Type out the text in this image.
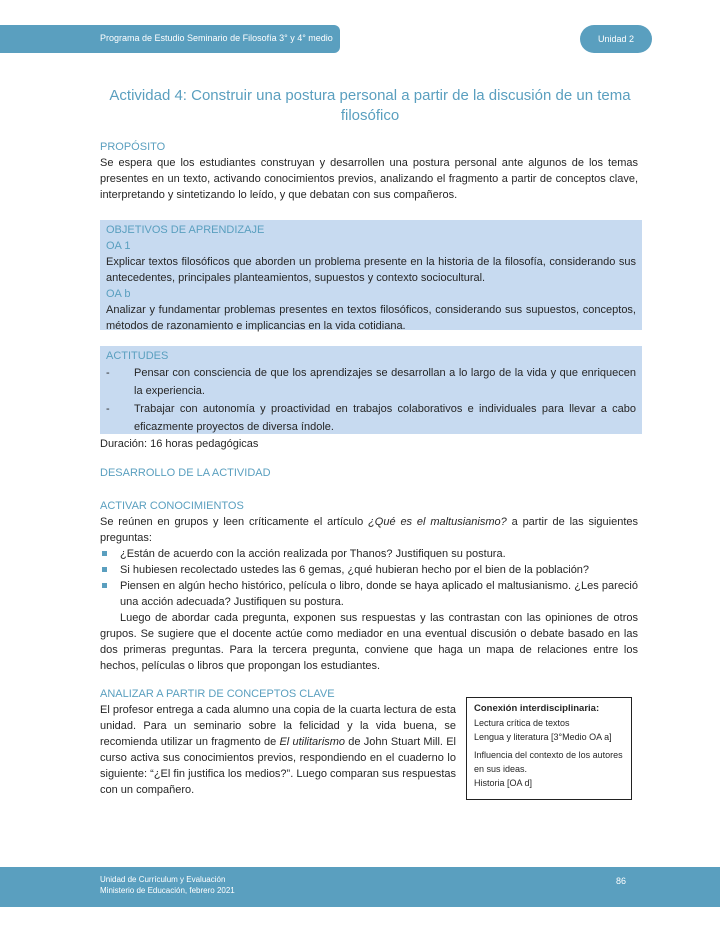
Programa de Estudio Seminario de Filosofía 3° y 4° medio	Unidad 2
Actividad 4: Construir una postura personal a partir de la discusión de un tema filosófico
PROPÓSITO
Se espera que los estudiantes construyan y desarrollen una postura personal ante algunos de los temas presentes en un texto, activando conocimientos previos, analizando el fragmento a partir de conceptos clave, interpretando y sintetizando lo leído, y que debatan con sus compañeros.

OBJETIVOS DE APRENDIZAJE

OA 1

Explicar textos filosóficos que aborden un problema presente en la historia de la filosofía, considerando sus antecedentes, principales planteamientos, supuestos y contexto sociocultural.

OA b

Analizar y fundamentar problemas presentes en textos filosóficos, considerando sus supuestos, conceptos, métodos de razonamiento e implicancias en la vida cotidiana.

ACTITUDES

- Pensar con consciencia de que los aprendizajes se desarrollan a lo largo de la vida y que enriquecen la experiencia.
- Trabajar con autonomía y proactividad en trabajos colaborativos e individuales para llevar a cabo eficazmente proyectos de diversa índole.
Duración: 16 horas pedagógicas
DESARROLLO DE LA ACTIVIDAD
ACTIVAR CONOCIMIENTOS
Se reúnen en grupos y leen críticamente el artículo ¿Qué es el maltusianismo? a partir de las siguientes preguntas:
¿Están de acuerdo con la acción realizada por Thanos? Justifiquen su postura.
Si hubiesen recolectado ustedes las 6 gemas, ¿qué hubieran hecho por el bien de la población?
Piensen en algún hecho histórico, película o libro, donde se haya aplicado el maltusianismo. ¿Les pareció una acción adecuada? Justifiquen su postura.
Luego de abordar cada pregunta, exponen sus respuestas y las contrastan con las opiniones de otros grupos. Se sugiere que el docente actúe como mediador en una eventual discusión o debate basado en las dos primeras preguntas. Para la tercera pregunta, conviene que haga un mapa de relaciones entre los hechos, películas o libros que propongan los estudiantes.
ANALIZAR A PARTIR DE CONCEPTOS CLAVE
El profesor entrega a cada alumno una copia de la cuarta lectura de esta unidad. Para un seminario sobre la felicidad y la vida buena, se recomienda utilizar un fragmento de El utilitarismo de John Stuart Mill. El curso activa sus conocimientos previos, respondiendo en el cuaderno lo siguiente: “¿El fin justifica los medios?”. Luego comparan sus respuestas con un compañero.
Conexión interdisciplinaria:
Lectura crítica de textos
Lengua y literatura [3°Medio OA a]
Influencia del contexto de los autores en sus ideas.
Historia [OA d]
Unidad de Currículum y Evaluación
Ministerio de Educación, febrero 2021
86
